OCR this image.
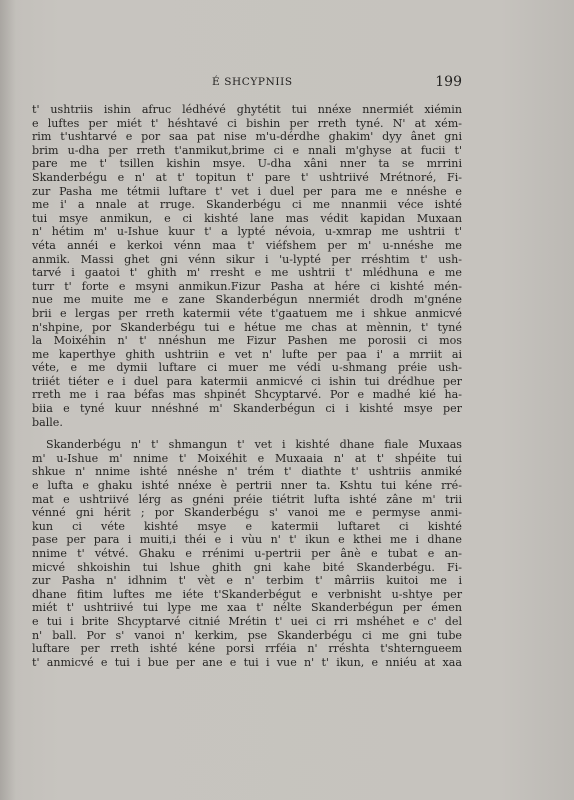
É SHCYPNIIS	199
t' ushtriis ishin afruc lédhévé ghytétit tui nnéxe nnermiét xiémin
e luftes per miét t' héshtavé ci bishin per rreth tyné. N' at xém-
rim t'ushtarvé e por saa pat nise m'u-dérdhe ghakim' dyy ânet gni
brim u-dha per rreth t'anmikut,brime ci e nnali m'ghyse at fucii t'
pare me t' tsillen kishin msye. U-dha xâni nner ta se mrrini
Skanderbégu e n' at t' topitun t' pare t' ushtriivé Mrétnoré, Fi-
zur Pasha me tétmii luftare t' vet i duel per para me e nnéshe e
me i' a nnale at rruge. Skanderbégu ci me nnanmii véce ishté
tui msye anmikun, e ci kishté lane mas védit kapidan Muxaan
n' hétim m' u-Ishue kuur t' a lypté névoia, u-xmrap me ushtrii t'
véta annéi e kerkoi vénn maa t' viéfshem per m' u-nnéshe me
anmik. Massi ghet gni vénn sikur i 'u-lypté per rréshtim t' ush-
tarvé i gaatoi t' ghith m' rresht e me ushtrii t' mlédhuna e me
turr t' forte e msyni anmikun.Fizur Pasha at hére ci kishté mén-
nue me muite me e zane Skanderbégun nnermiét drodh m'gnéne
brii e lergas per rreth katermii véte t'gaatuem me i shkue anmicvé
n'shpine, por Skanderbégu tui e hétue me chas at mènnin, t' tyné
la Moixéhin n' t' nnéshun me Fizur Pashen me porosii ci mos
me kaperthye ghith ushtriin e vet n' lufte per paa i' a mrriit ai
véte, e me dymii luftare ci muer me védi u-shmang préie ush-
triiét tiéter e i duel para katermii anmicvé ci ishin tui drédhue per
rreth me i raa béfas mas shpinét Shcyptarvé. Por e madhé kié ha-
biia e tyné kuur nnéshné m' Skanderbégun ci i kishté msye per
balle.
Skanderbégu n' t' shmangun t' vet i kishté dhane fiale Muxaas
m' u-Ishue m' nnime t' Moixéhit e Muxaaia n' at t' shpéite tui
shkue n' nnime ishté nnéshe n' trém t' diathte t' ushtriis anmiké
e lufta e ghaku ishté nnéxe è pertrii nner ta. Kshtu tui kéne rré-
mat e ushtriivé lérg as gnéni préie tiétrit lufta ishté zâne m' trii
vénné gni hérit ; por Skanderbégu s' vanoi me e permyse anmi-
kun ci véte kishté msye e katermii luftaret ci kishté
pase per para i muiti,i théi e i vùu n' t' ikun e kthei me i dhane
nnime t' vétvé. Ghaku e rrénimi u-pertrii per ânè e tubat e an-
micvé shkoishin tui lshue ghith gni kahe bité Skanderbégu. Fi-
zur Pasha n' idhnim t' vèt e n' terbim t' mârriis kuitoi me i
dhane fitim luftes me iéte t'Skanderbégut e verbnisht u-shtye per
miét t' ushtriivé tui lype me xaa t' nélte Skanderbégun per émen
e tui i brite Shcyptarvé citnié Mrétin t' uei ci rri mshéhet e c' del
n' ball. Por s' vanoi n' kerkim, pse Skanderbégu ci me gni tube
luftare per rreth ishté kéne porsi rrféia n' rréshta t'shterngueem
t' anmicvé e tui i bue per ane e tui i vue n' t' ikun, e nniéu at xaa
